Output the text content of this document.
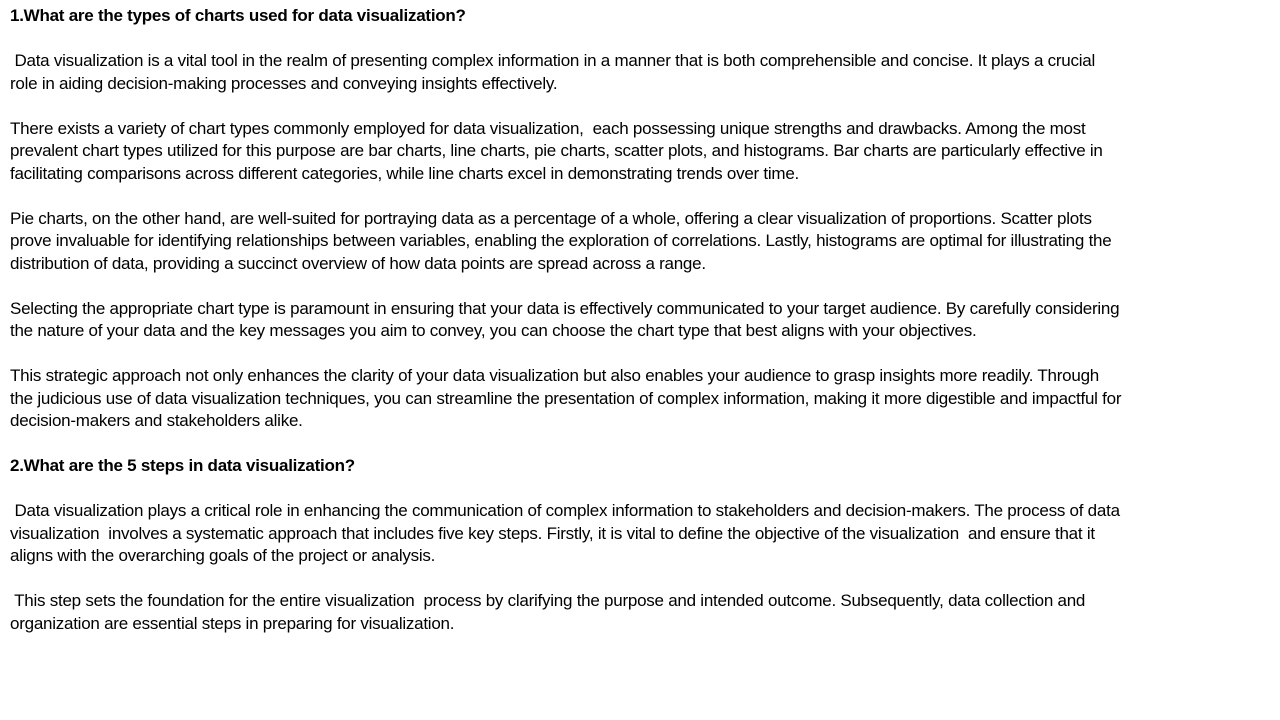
1.What are the types of charts used for data visualization?
Data visualization is a vital tool in the realm of presenting complex information in a manner that is both comprehensible and concise. It plays a crucial
role in aiding decision-making processes and conveying insights effectively.
There exists a variety of chart types commonly employed for data visualization,  each possessing unique strengths and drawbacks. Among the most
prevalent chart types utilized for this purpose are bar charts, line charts, pie charts, scatter plots, and histograms. Bar charts are particularly effective in
facilitating comparisons across different categories, while line charts excel in demonstrating trends over time.
Pie charts, on the other hand, are well-suited for portraying data as a percentage of a whole, offering a clear visualization of proportions. Scatter plots
prove invaluable for identifying relationships between variables, enabling the exploration of correlations. Lastly, histograms are optimal for illustrating the
distribution of data, providing a succinct overview of how data points are spread across a range.
Selecting the appropriate chart type is paramount in ensuring that your data is effectively communicated to your target audience. By carefully considering
the nature of your data and the key messages you aim to convey, you can choose the chart type that best aligns with your objectives.
This strategic approach not only enhances the clarity of your data visualization but also enables your audience to grasp insights more readily. Through
the judicious use of data visualization techniques, you can streamline the presentation of complex information, making it more digestible and impactful for
decision-makers and stakeholders alike.
2.What are the 5 steps in data visualization?
Data visualization plays a critical role in enhancing the communication of complex information to stakeholders and decision-makers. The process of data
visualization  involves a systematic approach that includes five key steps. Firstly, it is vital to define the objective of the visualization  and ensure that it
aligns with the overarching goals of the project or analysis.
This step sets the foundation for the entire visualization  process by clarifying the purpose and intended outcome. Subsequently, data collection and
organization are essential steps in preparing for visualization.
